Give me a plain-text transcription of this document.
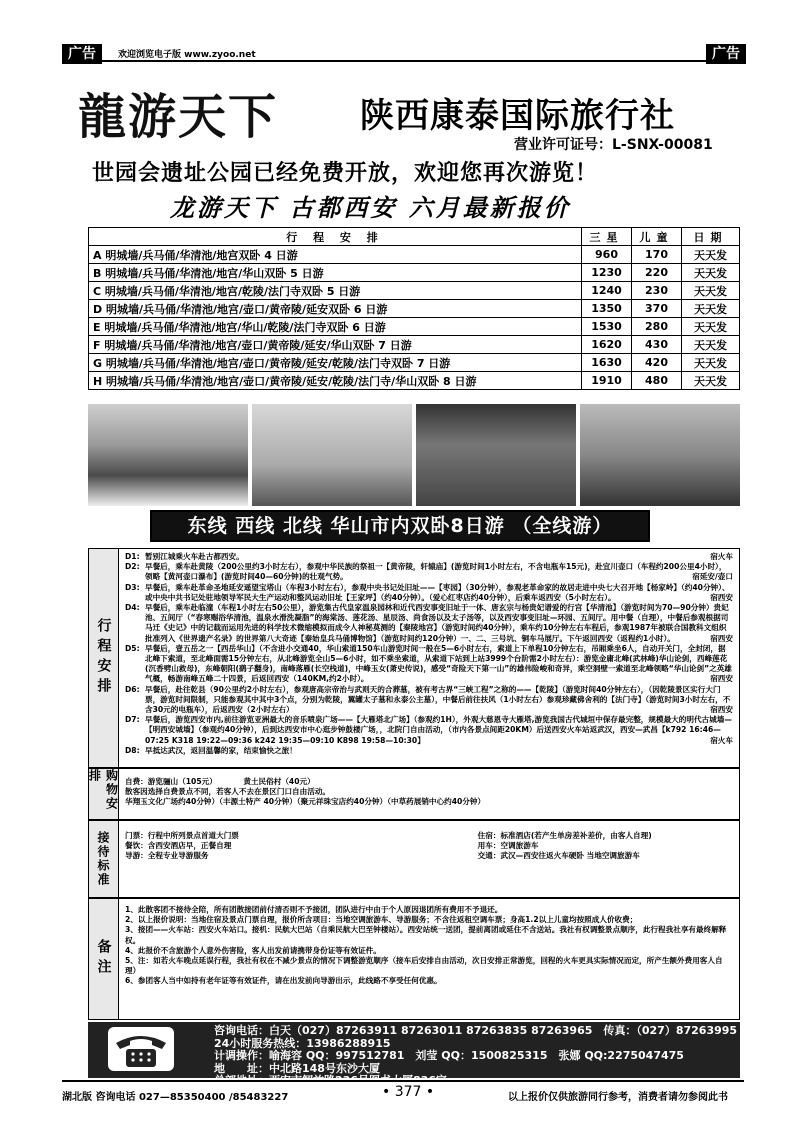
广告	广告
欢迎浏览电子版 www.zyoo.net
龍游天下 陕西康泰国际旅行社
营业许可证号：L-SNX-00081
世园会遗址公园已经免费开放，欢迎您再次游览！
龙游天下 古都西安 六月最新报价
行 程 安 排	三星	儿童	日期
A 明城墙/兵马俑/华清池/地宫双卧 4 日游	960	170	天天发
B 明城墙/兵马俑/华清池/地宫/华山双卧 5 日游	1230	220	天天发
C 明城墙/兵马俑/华清池/地宫/乾陵/法门寺双卧 5 日游	1240	230	天天发
D 明城墙/兵马俑/华清池/地宫/壶口/黄帝陵/延安双卧 6 日游	1350	370	天天发
E 明城墙/兵马俑/华清池/地宫/华山/乾陵/法门寺双卧 6 日游	1530	280	天天发
F 明城墙/兵马俑/华清池/地宫/壶口/黄帝陵/延安/华山双卧 7 日游	1620	430	天天发
G 明城墙/兵马俑/华清池/地宫/壶口/黄帝陵/延安/乾陵/法门寺双卧 7 日游	1630	420	天天发
H 明城墙/兵马俑/华清池/地宫/壶口/黄帝陵/延安/乾陵/法门寺/华山双卧 8 日游	1910	480	天天发
东线 西线 北线 华山市内双卧8日游 （全线游）
行程安排
D1:	宿火车
暂别江城乘火车赴古都西安。
D2: 早餐后，乘车赴黄陵（200公里约3小时左右），参观中华民族的祭祖一【黄帝陵，轩辕庙】(游览时间1小时左右，不含电瓶车15元)，赴宜川壶口（车程约200公里4小时），领略【黄河壶口瀑布】(游览时间40—60分钟)的壮观气势。	宿延安/壶口
D3: 早餐后，乘车赴革命圣地延安遥望宝塔山（车程3小时左右），参观中央书记处旧址——【枣园】（30分钟），参观老革命家的故居走进中央七大召开地【杨家岭】（约40分钟）、或中央中共书记处驻地领导军民大生产运动和整风运动旧址【王家坪】（约40分钟）。（爱心红枣店约40分钟），后乘车返西安（5小时左右）。	宿西安
D4: 早餐后，乘车赴临潼（车程1小时左右50公里），游览集古代皇家温泉园林和近代西安事变旧址于一体、唐玄宗与杨贵妃谱爱的行宫【华清池】（游览时间为70—90分钟）贵妃池、五间厅（“春寒赐浴华清池，温泉水滑洗凝脂”的海棠汤、莲花汤、星辰汤、尚食汤以及太子汤等，以及西安事变旧址—环园、五间厅。用中餐（自理），中餐后参观根据司马迁《史记》中的记载而运用先进的科学技术微缩模拟而成令人神秘莫测的【秦陵地宫】（游览时间约40分钟），乘车约10分钟左右车程后，参观1987年被联合国教科文组织批准列入《世界遗产名录》的世界第八大奇迹【秦始皇兵马俑博物馆】（游览时间约120分钟）一、二、三号坑、铜车马展厅。下午返回西安（返程约1小时）。	宿西安
D5: 早餐后，壹五岳之一【西岳华山】（不含进小交通40，华山索道150车山游览时间一般在5—6小时左右，索道上下单程10分钟左右，吊厢乘坐6人，自动开关门，全封闭，据北峰下索道，至北峰面需15分钟左右，从北峰游览全山5—6小时，如不乘坐索道，从索道下站到上站3999个台阶需2小时左右）：游览金庸北峰(武林峰)华山论剑，西峰莲花(沉香劈山救母)，东峰朝阳(鹞子翻身)，南峰落雁(长空栈道)，中峰玉女(萧史传说)，感受“奇险天下第一山”的雄伟险峻和奇异，乘空洞壁一索道至北峰领略“华山论剑”之英雄气概，畅游南峰五峰二十四景，后返回西安（140KM,约2小时）。	宿西安
D6: 早餐后，赴往乾县（90公里约2小时左右），参观唐高宗帝治与武则天的合葬墓，被有考古界“三峡工程”之称的——【乾陵】（游览时间40分钟左右），（因乾陵景区实行大门票，游览时间限制，只能参观其中其中3个点，分别为乾陵，翼罐太子墓和永泰公主墓），中餐后前往扶风（1小时左右）参观珍藏佛舍利的【法门寺】（游览时间3小时左右，不含30元的电瓶车），后返西安（2小时左右）	宿西安
D7: 早餐后，游览西安市内,前往游览亚洲最大的音乐喷泉广场——【大雁塔北广场】（参观约1H），外观大慈恩寺大雁塔,游览我国古代城垣中保存最完整，规模最大的明代古城墙—【明西安城墙】（参观约40分钟），后到达西安市中心逛步钟鼓楼广场，，北院门自由活动，（市内各景点间距20KM）后送西安火车站返武汉，西安—武昌【k792 16:46—07:25 K318 19:22—09:36 k242 19:35—09:10 K898 19:58—10:30】	宿火车
D8: 早抵达武汉，返回温馨的家，结束愉快之旅！
购物安排	自费：游览骊山（105元）　　　　黄土民俗村（40元）
散客因选择自费景点不同，若客人不去在景区门口自由活动。
华翔玉文化广场约40分钟）（丰源土特产 40分钟）（聚元祥珠宝店约40分钟）（中草药展销中心约40分钟）
接待标准	门票：行程中所列景点首道大门票	住宿：标准酒店(若产生单房差补差价，由客人自理)
餐饮：含西安酒店早，正餐自理	用车：空调旅游车
导游：全程专业导游服务	交通：武汉—西安往返火车硬卧 当地空调旅游车
备注
1、此散客团不接待全陪，所有团散接团前付清否则不予接团，团队进行中由于个人原因退团所有费用不予退还。
2、以上报价说明：当地住宿及景点门票自理，报价所含项目：当地空调旅游车、导游服务；不含往返租空调车票；身高1.2以上儿童均按照成人价收费；
3、接团——火车站：西安火车站口。接机：民航大巴站（自乘民航大巴至钟楼站）。西安站统一送团，提前离团或延住不含送站。我社有权调整景点顺序，此行程我社享有最终解释权。
4、此报价不含旅游个人意外伤害险，客人出发前请携带身份证等有效证件。
5、注：如若火车晚点延误行程，我社有权在不减少景点的情况下调整游览顺序（接车后安排自由活动，次日安排正常游览，回程的火车更具实际情况而定，所产生额外费用客人自理）
6、参团客人当中如持有老年证等有效证件，请在出发前向导游出示，此线路不享受任何优惠。
咨询电话：白天（027）87263911 87263011 87263835 87263965　传真：（027）87263995
24小时服务热线：13986288915
计调操作：喻海容 QQ：997512781　刘莹 QQ：1500825315　张娜 QQ:2275047475
地　　址：中北路148号东沙大厦
湖北版 咨询电话 027—85350400 /85483227	• 377 •	以上报价仅供旅游同行参考，消费者请勿参阅此书
